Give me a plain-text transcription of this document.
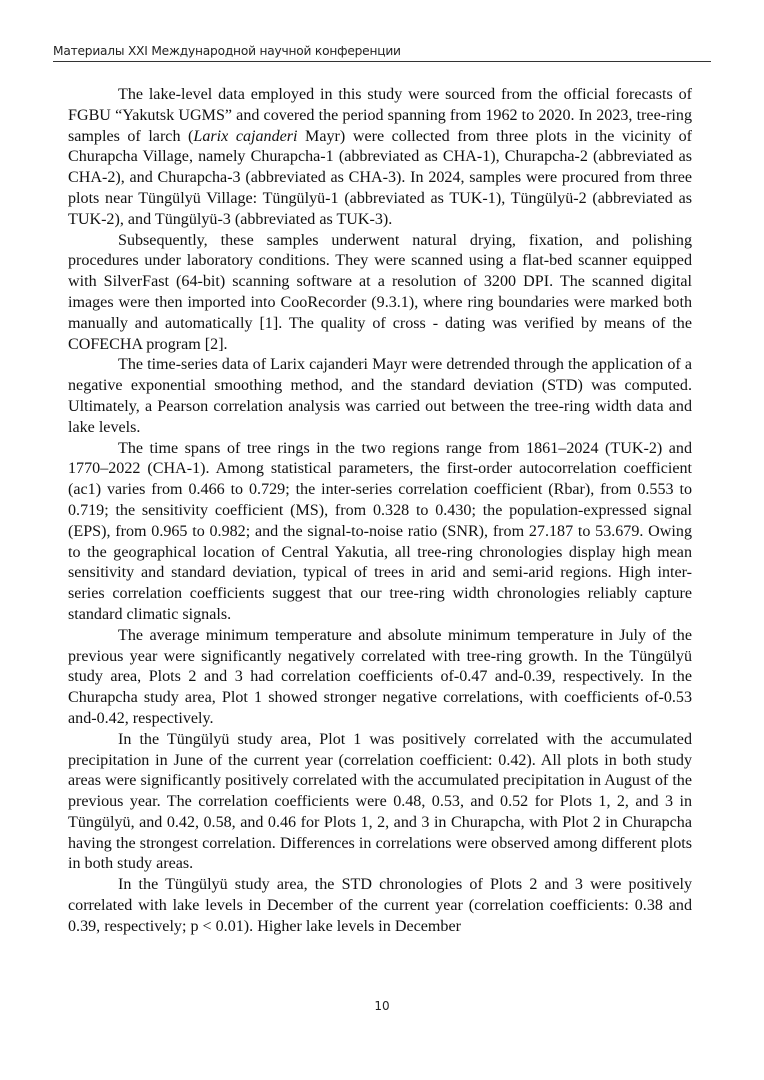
Материалы XXI Международной научной конференции

The lake-level data employed in this study were sourced from the official forecasts of FGBU “Yakutsk UGMS” and covered the period spanning from 1962 to 2020. In 2023, tree-ring samples of larch (Larix cajanderi Mayr) were collected from three plots in the vicinity of Churapcha Village, namely Churapcha-1 (abbreviated as CHA-1), Churapcha-2 (abbreviated as CHA-2), and Churapcha-3 (abbreviated as CHA-3). In 2024, samples were procured from three plots near Tüngülyü Village: Tüngülyü-1 (abbreviated as TUK-1), Tüngülyü-2 (abbreviated as TUK-2), and Tüngülyü-3 (abbreviated as TUK-3).

Subsequently, these samples underwent natural drying, fixation, and polishing procedures under laboratory conditions. They were scanned using a flat-bed scanner equipped with SilverFast (64-bit) scanning software at a resolution of 3200 DPI. The scanned digital images were then imported into CooRecorder (9.3.1), where ring boundaries were marked both manually and automatically [1]. The quality of cross - dating was verified by means of the COFECHA program [2].

The time-series data of Larix cajanderi Mayr were detrended through the application of a negative exponential smoothing method, and the standard deviation (STD) was computed. Ultimately, a Pearson correlation analysis was carried out between the tree-ring width data and lake levels.

The time spans of tree rings in the two regions range from 1861–2024 (TUK-2) and 1770–2022 (CHA-1). Among statistical parameters, the first-order autocorrelation coefficient (ac1) varies from 0.466 to 0.729; the inter-series correlation coefficient (Rbar), from 0.553 to 0.719; the sensitivity coefficient (MS), from 0.328 to 0.430; the population-expressed signal (EPS), from 0.965 to 0.982; and the signal-to-noise ratio (SNR), from 27.187 to 53.679. Owing to the geographical location of Central Yakutia, all tree-ring chronologies display high mean sensitivity and standard deviation, typical of trees in arid and semi-arid regions. High inter-series correlation coefficients suggest that our tree-ring width chronologies reliably capture standard climatic signals.

The average minimum temperature and absolute minimum temperature in July of the previous year were significantly negatively correlated with tree-ring growth. In the Tüngülyü study area, Plots 2 and 3 had correlation coefficients of-0.47 and-0.39, respectively. In the Churapcha study area, Plot 1 showed stronger negative correlations, with coefficients of-0.53 and-0.42, respectively.

In the Tüngülyü study area, Plot 1 was positively correlated with the accumulated precipitation in June of the current year (correlation coefficient: 0.42). All plots in both study areas were significantly positively correlated with the accumulated precipitation in August of the previous year. The correlation coefficients were 0.48, 0.53, and 0.52 for Plots 1, 2, and 3 in Tüngülyü, and 0.42, 0.58, and 0.46 for Plots 1, 2, and 3 in Churapcha, with Plot 2 in Churapcha having the strongest correlation. Differences in correlations were observed among different plots in both study areas.

In the Tüngülyü study area, the STD chronologies of Plots 2 and 3 were positively correlated with lake levels in December of the current year (correlation coefficients: 0.38 and 0.39, respectively; p < 0.01). Higher lake levels in December

10
